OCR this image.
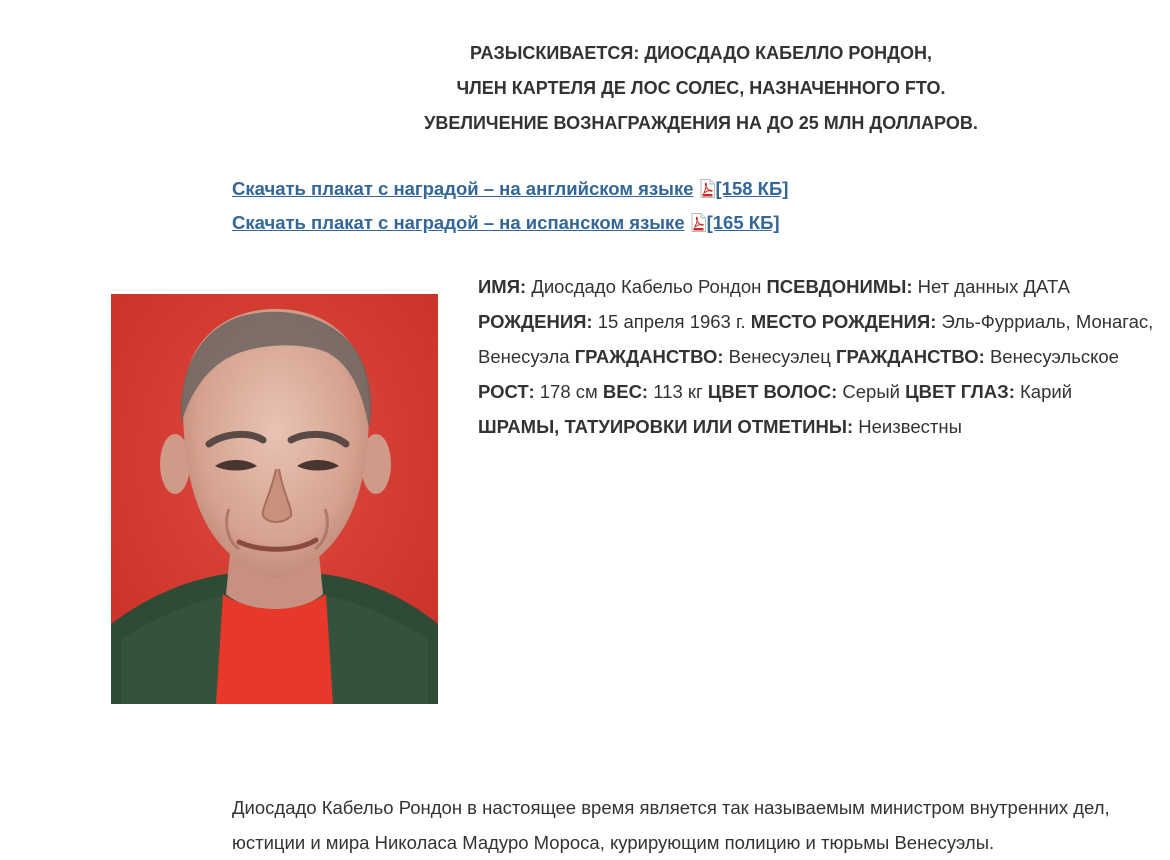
РАЗЫСКИВАЕТСЯ: ДИОСДАДО КАБЕЛЛО РОНДОН,
ЧЛЕН КАРТЕЛЯ ДЕ ЛОС СОЛЕС, НАЗНАЧЕННОГО FTO.
УВЕЛИЧЕНИЕ ВОЗНАГРАЖДЕНИЯ НА ДО 25 МЛН ДОЛЛАРОВ.
Скачать плакат с наградой – на английском языке [158 КБ]
Скачать плакат с наградой – на испанском языке [165 КБ]
ИМЯ: Диосдадо Кабельо Рондон ПСЕВДОНИМЫ: Нет данных ДАТА РОЖДЕНИЯ: 15 апреля 1963 г. МЕСТО РОЖДЕНИЯ: Эль-Фурриаль, Монагас, Венесуэла ГРАЖДАНСТВО: Венесуэлец ГРАЖДАНСТВО: Венесуэльское РОСТ: 178 см ВЕС: 113 кг ЦВЕТ ВОЛОС: Серый ЦВЕТ ГЛАЗ: Карий ШРАМЫ, ТАТУИРОВКИ ИЛИ ОТМЕТИНЫ: Неизвестны
Диосдадо Кабельо Рондон в настоящее время является так называемым министром внутренних дел, юстиции и мира Николаса Мадуро Мороса, курирующим полицию и тюрьмы Венесуэлы.
